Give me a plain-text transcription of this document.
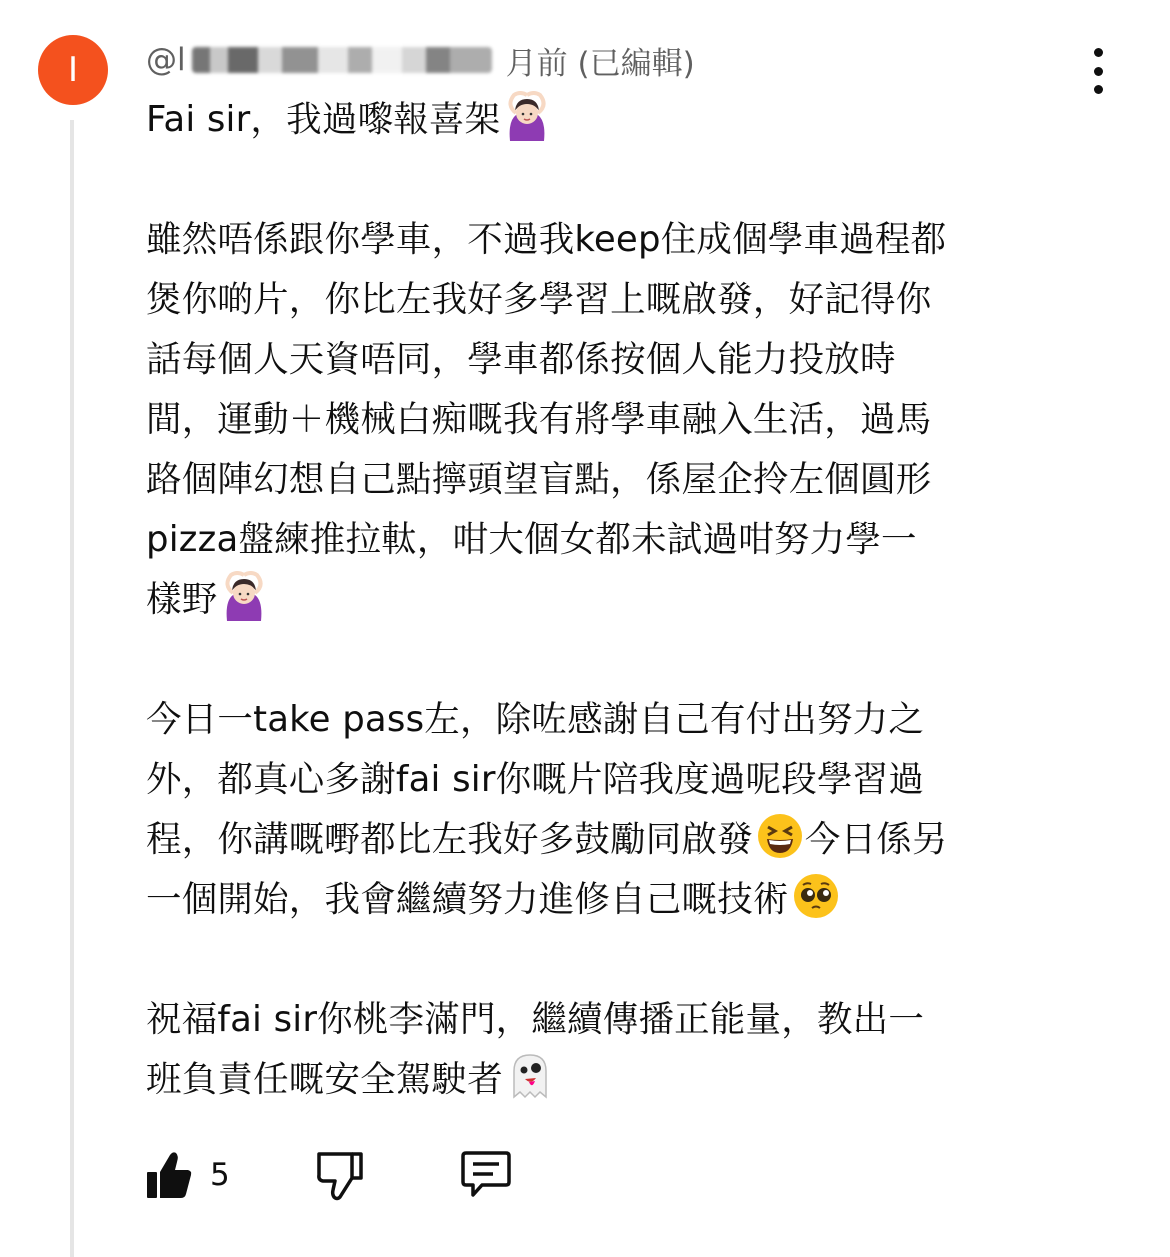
I @l	月前 (已編輯)
Fai sir，我過嚟報喜架
雖然唔係跟你學車，不過我keep住成個學車過程都
煲你啲片，你比左我好多學習上嘅啟發，好記得你
話每個人天資唔同，學車都係按個人能力投放時
間，運動＋機械白痴嘅我有將學車融入生活，過馬
路個陣幻想自己點擰頭望盲點，係屋企拎左個圓形
pizza盤練推拉軚，咁大個女都未試過咁努力學一
樣野
今日一take pass左，除咗感謝自己有付出努力之
外，都真心多謝fai sir你嘅片陪我度過呢段學習過
程，你講嘅嘢都比左我好多鼓勵同啟發 今日係另
一個開始，我會繼續努力進修自己嘅技術
祝福fai sir你桃李滿門，繼續傳播正能量，教出一
班負責任嘅安全駕駛者
5
